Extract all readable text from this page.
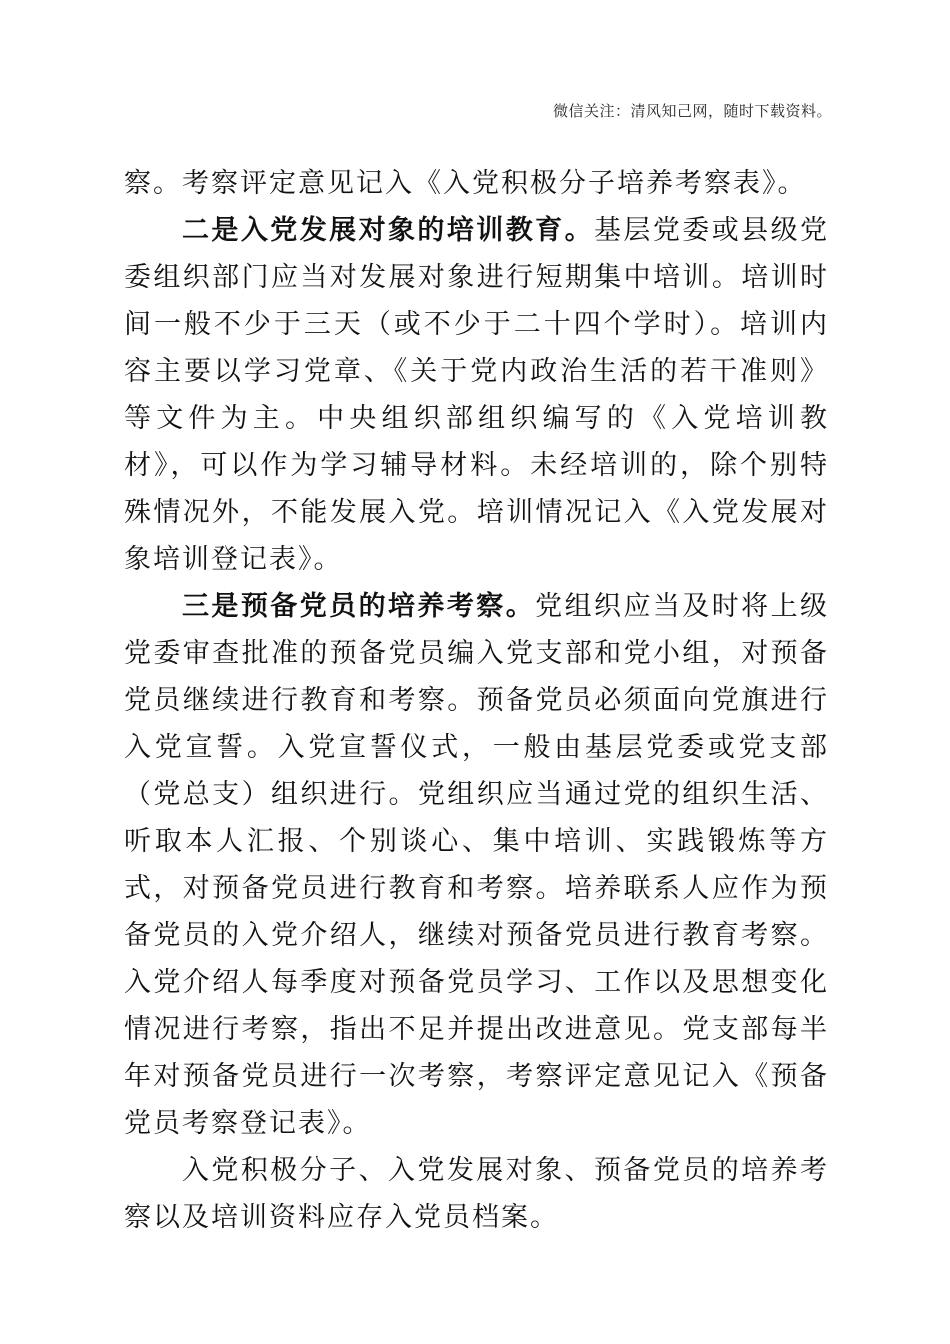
微信关注：清风知己网，随时下载资料。

察。考察评定意见记入《入党积极分子培养考察表》。

二是入党发展对象的培训教育。基层党委或县级党委组织部门应当对发展对象进行短期集中培训。培训时间一般不少于三天（或不少于二十四个学时）。培训内容主要以学习党章、《关于党内政治生活的若干准则》等文件为主。中央组织部组织编写的《入党培训教材》，可以作为学习辅导材料。未经培训的，除个别特殊情况外，不能发展入党。培训情况记入《入党发展对象培训登记表》。

三是预备党员的培养考察。党组织应当及时将上级党委审查批准的预备党员编入党支部和党小组，对预备党员继续进行教育和考察。预备党员必须面向党旗进行入党宣誓。入党宣誓仪式，一般由基层党委或党支部（党总支）组织进行。党组织应当通过党的组织生活、听取本人汇报、个别谈心、集中培训、实践锻炼等方式，对预备党员进行教育和考察。培养联系人应作为预备党员的入党介绍人，继续对预备党员进行教育考察。入党介绍人每季度对预备党员学习、工作以及思想变化情况进行考察，指出不足并提出改进意见。党支部每半年对预备党员进行一次考察，考察评定意见记入《预备党员考察登记表》。

入党积极分子、入党发展对象、预备党员的培养考察以及培训资料应存入党员档案。
